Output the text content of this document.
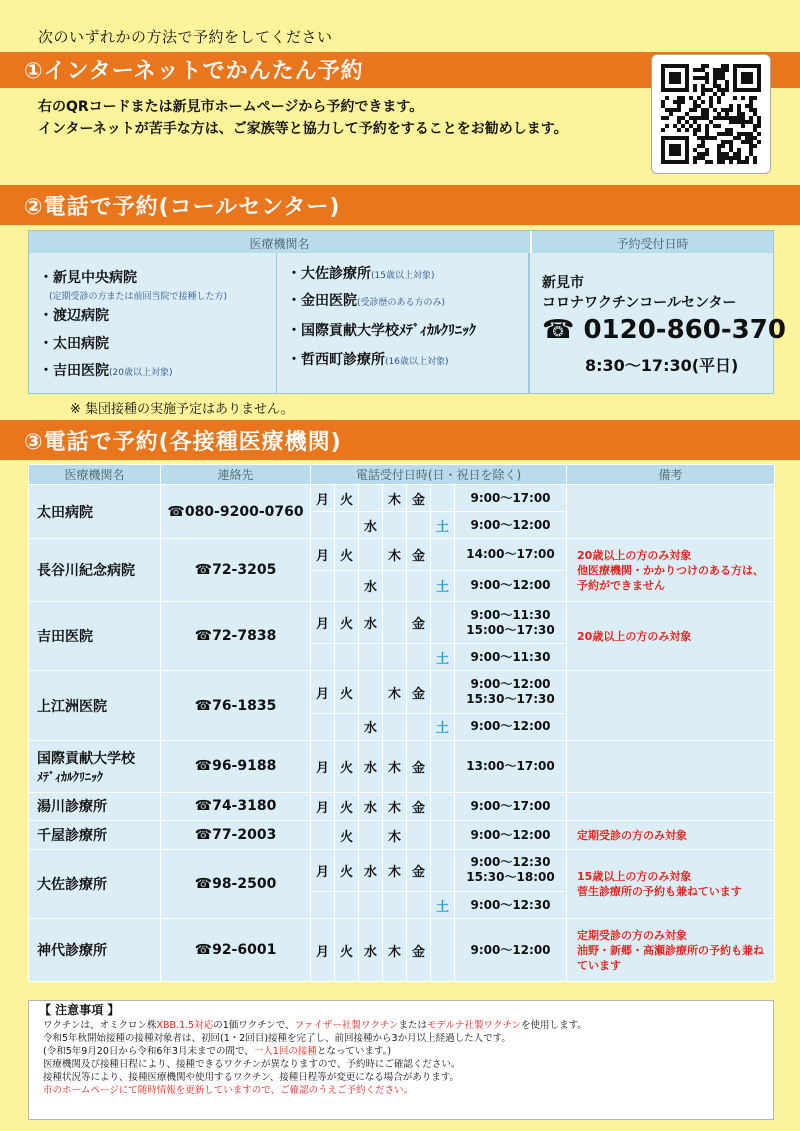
次のいずれかの方法で予約をしてください
①インターネットでかんたん予約
右のQRコードまたは新見市ホームページから予約できます。
インターネットが苦手な方は、ご家族等と協力して予約をすることをお勧めします。
②電話で予約(コールセンター)
医療機関名	予約受付日時
・新見中央病院
(定期受診の方または前回当院で接種した方)
・渡辺病院
・太田病院
・吉田医院(20歳以上対象)
・大佐診療所(15歳以上対象)
・金田医院(受診歴のある方のみ)
・国際貢献大学校ﾒﾃﾞｨｶﾙｸﾘﾆｯｸ
・哲西町診療所(16歳以上対象)
新見市
コロナワクチンコールセンター
☎ 0120-860-370
8:30〜17:30(平日)
※ 集団接種の実施予定はありません。
③電話で予約(各接種医療機関)
医療機関名	連絡先	電話受付日時(日・祝日を除く)							備考
太田病院	☎080-9200-0760	月	火		木	金		9:00〜17:00	
				水			土	9:00〜12:00	
長谷川紀念病院	☎72-3205	月	火		木	金		14:00〜17:00	20歳以上の方のみ対象
他医療機関・かかりつけのある方は、予約ができません
				水			土	9:00〜12:00	
吉田医院	☎72-7838	月	火	水		金		9:00〜11:30
15:00〜17:30	20歳以上の方のみ対象
							土	9:00〜11:30	
上江洲医院	☎76-1835	月	火		木	金		9:00〜12:00
15:30〜17:30	
				水			土	9:00〜12:00	
国際貢献大学校
ﾒﾃﾞｨｶﾙｸﾘﾆｯｸ	☎96-9188	月	火	水	木	金		13:00〜17:00	
湯川診療所	☎74-3180	月	火	水	木	金		9:00〜17:00	
千屋診療所	☎77-2003		火		木			9:00〜12:00	定期受診の方のみ対象
大佐診療所	☎98-2500	月	火	水	木	金		9:00〜12:30
15:30〜18:00	15歳以上の方のみ対象
菅生診療所の予約も兼ねています
							土	9:00〜12:30	
神代診療所	☎92-6001	月	火	水	木	金		9:00〜12:00	定期受診の方のみ対象
油野・新郷・高瀬診療所の予約も兼ねています
【 注意事項 】
ワクチンは、オミクロン株XBB.1.5対応の1価ワクチンで、ファイザー社製ワクチンまたはモデルナ社製ワクチンを使用します。
令和5年秋開始接種の接種対象者は、初回(1・2回目)接種を完了し、前回接種から3か月以上経過した人です。
(令和5年9月20日から令和6年3月末までの間で、一人1回の接種となっています。)
医療機関及び接種日程により、接種できるワクチンが異なりますので、予約時にご確認ください。
接種状況等により、接種医療機関や使用するワクチン、接種日程等が変更になる場合があります。
市のホームページにて随時情報を更新していますので、ご確認のうえご予約ください。
